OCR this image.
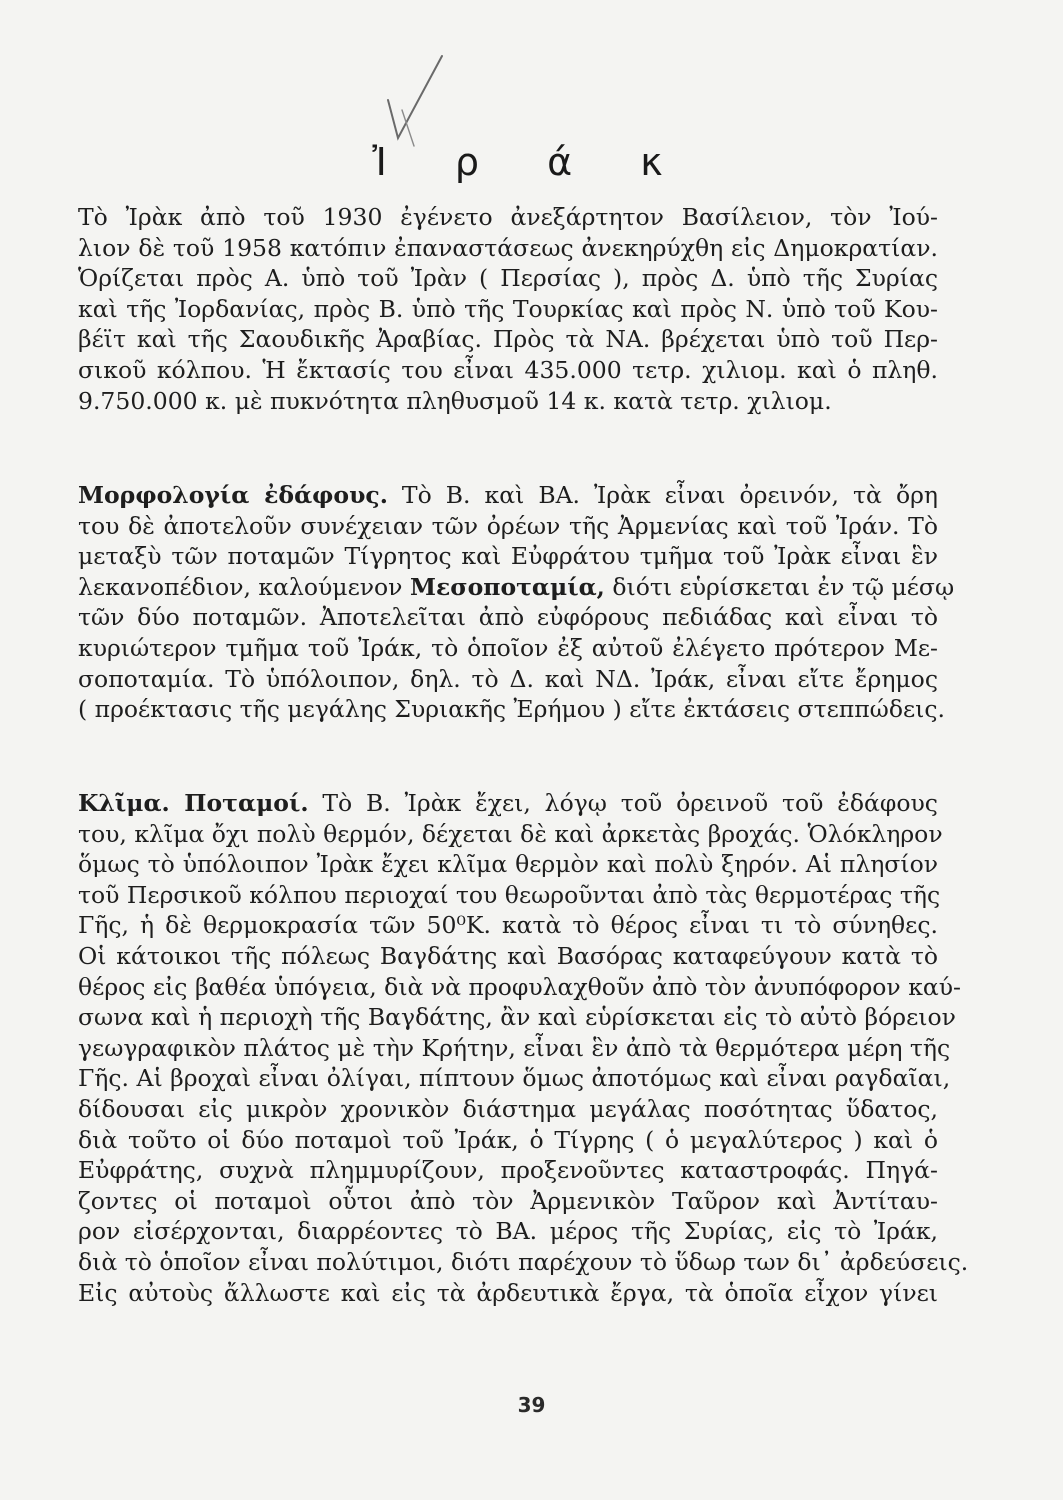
Ἰ ρ ά κ
Τὸ Ἰρὰκ ἀπὸ τοῦ 1930 ἐγένετο ἀνεξάρτητον Βασίλειον, τὸν Ἰού-
λιον δὲ τοῦ 1958 κατόπιν ἐπαναστάσεως ἀνεκηρύχθη εἰς Δημοκρατίαν.
Ὁρίζεται πρὸς Α. ὑπὸ τοῦ Ἰρὰν ( Περσίας ), πρὸς Δ. ὑπὸ τῆς Συρίας
καὶ τῆς Ἰορδανίας, πρὸς Β. ὑπὸ τῆς Τουρκίας καὶ πρὸς Ν. ὑπὸ τοῦ Κου-
βέϊτ καὶ τῆς Σαουδικῆς Ἀραβίας. Πρὸς τὰ ΝΑ. βρέχεται ὑπὸ τοῦ Περ-
σικοῦ κόλπου. Ἡ ἔκτασίς του εἶναι 435.000 τετρ. χιλιομ. καὶ ὁ πληθ.
9.750.000 κ. μὲ πυκνότητα πληθυσμοῦ 14 κ. κατὰ τετρ. χιλιομ.
Μορφολογία ἐδάφους. Τὸ Β. καὶ ΒΑ. Ἰρὰκ εἶναι ὀρεινόν, τὰ ὄρη
του δὲ ἀποτελοῦν συνέχειαν τῶν ὀρέων τῆς Ἀρμενίας καὶ τοῦ Ἰράν. Τὸ
μεταξὺ τῶν ποταμῶν Τίγρητος καὶ Εὐφράτου τμῆμα τοῦ Ἰρὰκ εἶναι ἓν
λεκανοπέδιον, καλούμενον Μεσοποταμία, διότι εὑρίσκεται ἐν τῷ μέσῳ
τῶν δύο ποταμῶν. Ἀποτελεῖται ἀπὸ εὐφόρους πεδιάδας καὶ εἶναι τὸ
κυριώτερον τμῆμα τοῦ Ἰράκ, τὸ ὁποῖον ἐξ αὐτοῦ ἐλέγετο πρότερον Με-
σοποταμία. Τὸ ὑπόλοιπον, δηλ. τὸ Δ. καὶ ΝΔ. Ἰράκ, εἶναι εἴτε ἔρημος
( προέκτασις τῆς μεγάλης Συριακῆς Ἐρήμου ) εἴτε ἐκτάσεις στεππώδεις.
Κλῖμα. Ποταμοί. Τὸ Β. Ἰρὰκ ἔχει, λόγῳ τοῦ ὀρεινοῦ τοῦ ἐδάφους
του, κλῖμα ὄχι πολὺ θερμόν, δέχεται δὲ καὶ ἀρκετὰς βροχάς. Ὁλόκληρον
ὅμως τὸ ὑπόλοιπον Ἰρὰκ ἔχει κλῖμα θερμὸν καὶ πολὺ ξηρόν. Αἱ πλησίον
τοῦ Περσικοῦ κόλπου περιοχαί του θεωροῦνται ἀπὸ τὰς θερμοτέρας τῆς
Γῆς, ἡ δὲ θερμοκρασία τῶν 50⁰Κ. κατὰ τὸ θέρος εἶναι τι τὸ σύνηθες.
Οἱ κάτοικοι τῆς πόλεως Βαγδάτης καὶ Βασόρας καταφεύγουν κατὰ τὸ
θέρος εἰς βαθέα ὑπόγεια, διὰ νὰ προφυλαχθοῦν ἀπὸ τὸν ἀνυπόφορον καύ-
σωνα καὶ ἡ περιοχὴ τῆς Βαγδάτης, ἂν καὶ εὑρίσκεται εἰς τὸ αὐτὸ βόρειον
γεωγραφικὸν πλάτος μὲ τὴν Κρήτην, εἶναι ἓν ἀπὸ τὰ θερμότερα μέρη τῆς
Γῆς. Αἱ βροχαὶ εἶναι ὀλίγαι, πίπτουν ὅμως ἀποτόμως καὶ εἶναι ραγδαῖαι,
δίδουσαι εἰς μικρὸν χρονικὸν διάστημα μεγάλας ποσότητας ὕδατος,
διὰ τοῦτο οἱ δύο ποταμοὶ τοῦ Ἰράκ, ὁ Τίγρης ( ὁ μεγαλύτερος ) καὶ ὁ
Εὐφράτης, συχνὰ πλημμυρίζουν, προξενοῦντες καταστροφάς. Πηγά-
ζοντες οἱ ποταμοὶ οὗτοι ἀπὸ τὸν Ἀρμενικὸν Ταῦρον καὶ Ἀντίταυ-
ρον εἰσέρχονται, διαρρέοντες τὸ ΒΑ. μέρος τῆς Συρίας, εἰς τὸ Ἰράκ,
διὰ τὸ ὁποῖον εἶναι πολύτιμοι, διότι παρέχουν τὸ ὕδωρ των δι᾽ ἀρδεύσεις.
Εἰς αὐτοὺς ἄλλωστε καὶ εἰς τὰ ἀρδευτικὰ ἔργα, τὰ ὁποῖα εἶχον γίνει
39
